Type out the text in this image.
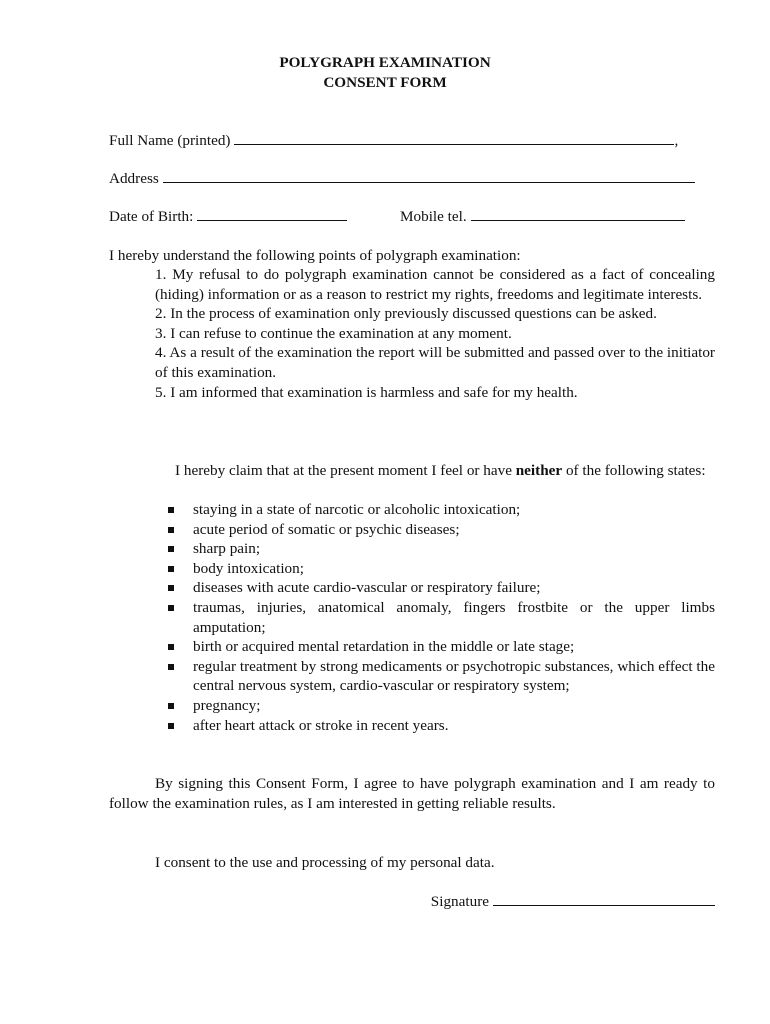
POLYGRAPH EXAMINATION
CONSENT FORM
Full Name (printed)	,
Address
Date of Birth:	Mobile tel.
I hereby understand the following points of polygraph examination:

1. My refusal to do polygraph examination cannot be considered as a fact of concealing (hiding) information or as a reason to restrict my rights, freedoms and legitimate interests.

2. In the process of examination only previously discussed questions can be asked.

3. I can refuse to continue the examination at any moment.

4. As a result of the examination the report will be submitted and passed over to the initiator of this examination.

5. I am informed that examination is harmless and safe for my health.

I hereby claim that at the present moment I feel or have neither of the following states:

staying in a state of narcotic or alcoholic intoxication;
acute period of somatic or psychic diseases;
sharp pain;
body intoxication;
diseases with acute cardio-vascular or respiratory failure;
traumas, injuries, anatomical anomaly, fingers frostbite or the upper limbs amputation;
birth or acquired mental retardation in the middle or late stage;
regular treatment by strong medicaments or psychotropic substances, which effect the central nervous system, cardio-vascular or respiratory system;
pregnancy;
after heart attack or stroke in recent years.

By signing this Consent Form, I agree to have polygraph examination and I am ready to follow the examination rules, as I am interested in getting reliable results.

I consent to the use and processing of my personal data.

Signature
